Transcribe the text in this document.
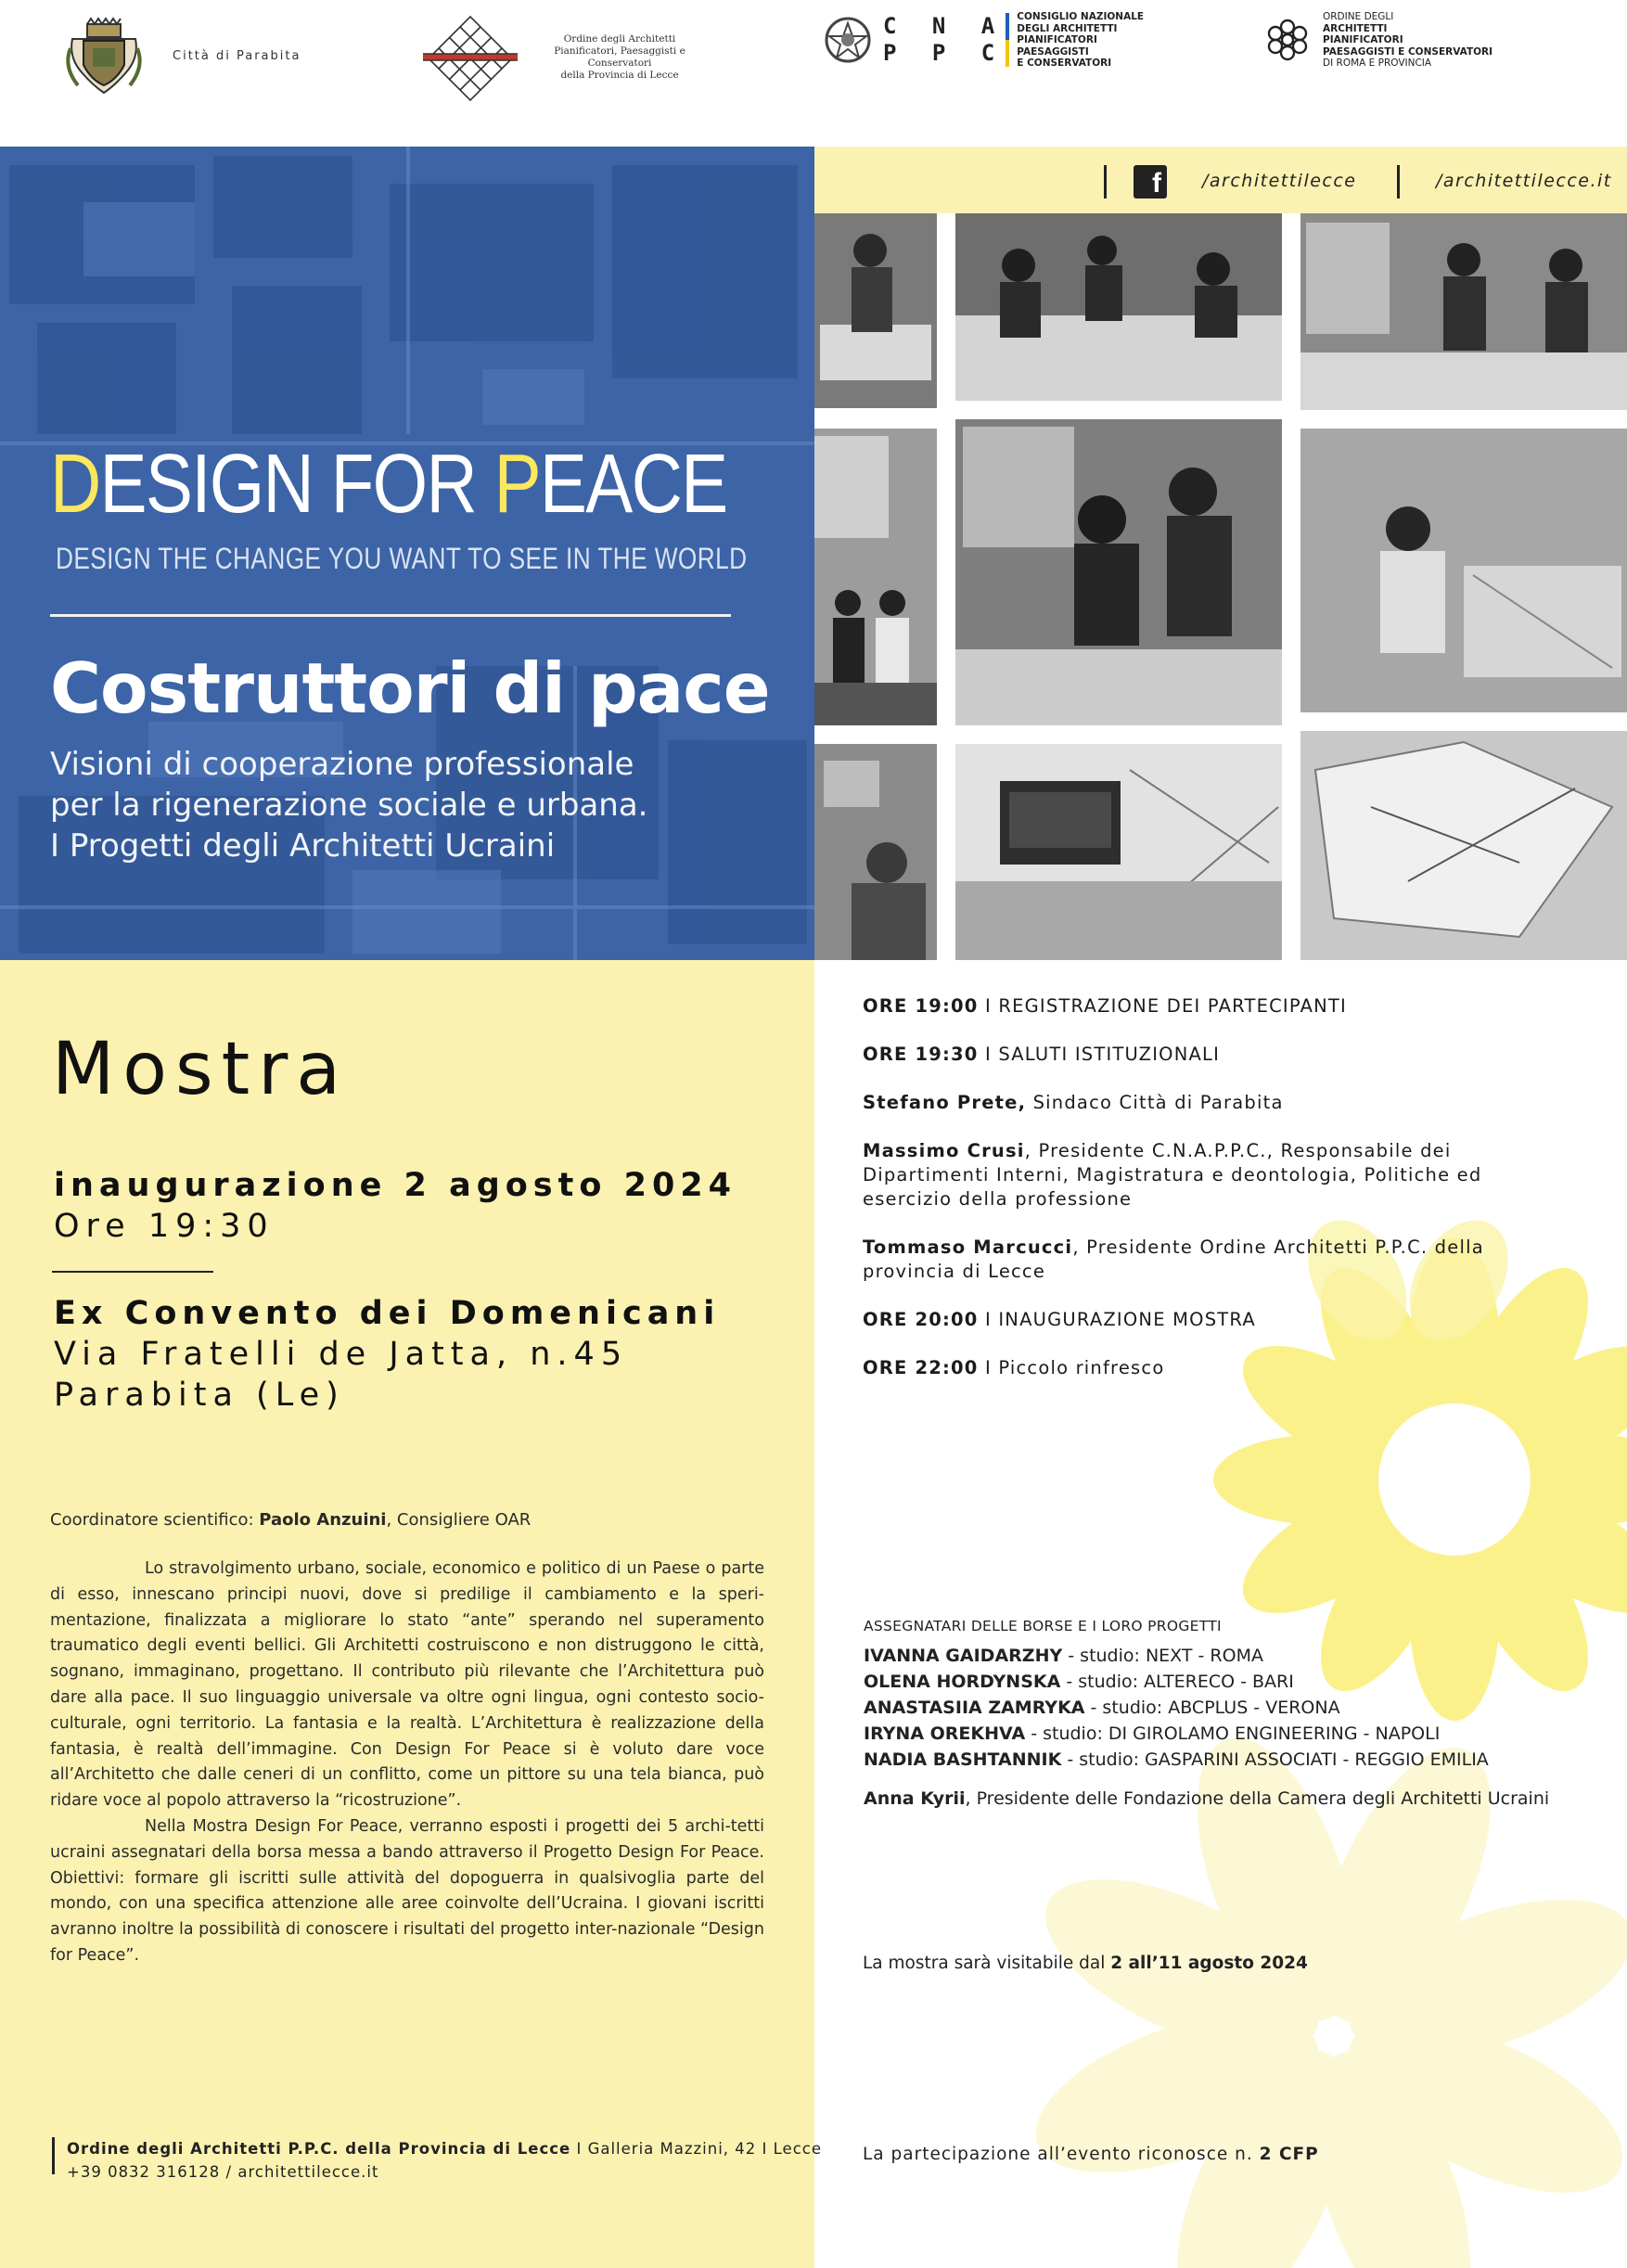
Città di Parabita
Ordine degli Architetti
Pianificatori, Paesaggisti e Conservatori
della Provincia di Lecce
C N A
P P C
CONSIGLIO NAZIONALE
DEGLI ARCHITETTI
PIANIFICATORI
PAESAGGISTI
E CONSERVATORI
ORDINE DEGLI
ARCHITETTI
PIANIFICATORI
PAESAGGISTI E CONSERVATORI
DI ROMA E PROVINCIA
DESIGN FOR PEACE
DESIGN THE CHANGE YOU WANT TO SEE IN THE WORLD
Costruttori di pace
Visioni di cooperazione professionale
per la rigenerazione sociale e urbana.
I Progetti degli Architetti Ucraini
f	/architettilecce	/architettilecce.it
Mostra
inaugurazione 2 agosto 2024
Ore 19:30
Ex Convento dei Domenicani
Via Fratelli de Jatta, n.45
Parabita (Le)
Coordinatore scientifico: Paolo Anzuini, Consigliere OAR

Lo stravolgimento urbano, sociale, economico e politico di un Paese o parte di esso, innescano principi nuovi, dove si predilige il cambiamento e la speri-mentazione, finalizzata a migliorare lo stato “ante” sperando nel superamento traumatico degli eventi bellici. Gli Architetti costruiscono e non distruggono le città, sognano, immaginano, progettano. Il contributo più rilevante che l’Architettura può dare alla pace. Il suo linguaggio universale va oltre ogni lingua, ogni contesto socio-culturale, ogni territorio. La fantasia e la realtà. L’Architettura è realizzazione della fantasia, è realtà dell’immagine. Con Design For Peace si è voluto dare voce all’Architetto che dalle ceneri di un conflitto, come un pittore su una tela bianca, può ridare voce al popolo attraverso la “ricostruzione”.

Nella Mostra Design For Peace, verranno esposti i progetti dei 5 archi-tetti ucraini assegnatari della borsa messa a bando attraverso il Progetto Design For Peace. Obiettivi: formare gli iscritti sulle attività del dopoguerra in qualsivoglia parte del mondo, con una specifica attenzione alle aree coinvolte dell’Ucraina. I giovani iscritti avranno inoltre la possibilità di conoscere i risultati del progetto inter-nazionale “Design for Peace”.

ORE 19:00 I REGISTRAZIONE DEI PARTECIPANTI
ORE 19:30 I SALUTI ISTITUZIONALI
Stefano Prete, Sindaco Città di Parabita
Massimo Crusi, Presidente C.N.A.P.P.C., Responsabile dei Dipartimenti Interni, Magistratura e deontologia, Politiche ed esercizio della professione
Tommaso Marcucci, Presidente Ordine Architetti P.P.C. della provincia di Lecce
ORE 20:00 I INAUGURAZIONE MOSTRA
ORE 22:00 I Piccolo rinfresco
ASSEGNATARI DELLE BORSE E I LORO PROGETTI
IVANNA GAIDARZHY - studio: NEXT - ROMA
OLENA HORDYNSKA - studio: ALTERECO - BARI
ANASTASIIA ZAMRYKA - studio: ABCPLUS - VERONA
IRYNA OREKHVA - studio: DI GIROLAMO ENGINEERING - NAPOLI
NADIA BASHTANNIK - studio: GASPARINI ASSOCIATI - REGGIO EMILIA
Anna Kyrii, Presidente delle Fondazione della Camera degli Architetti Ucraini
La mostra sarà visitabile dal 2 all’11 agosto 2024
Ordine degli Architetti P.P.C. della Provincia di Lecce I Galleria Mazzini, 42 I Lecce
+39 0832 316128 / architettilecce.it
La partecipazione all’evento riconosce n. 2 CFP
